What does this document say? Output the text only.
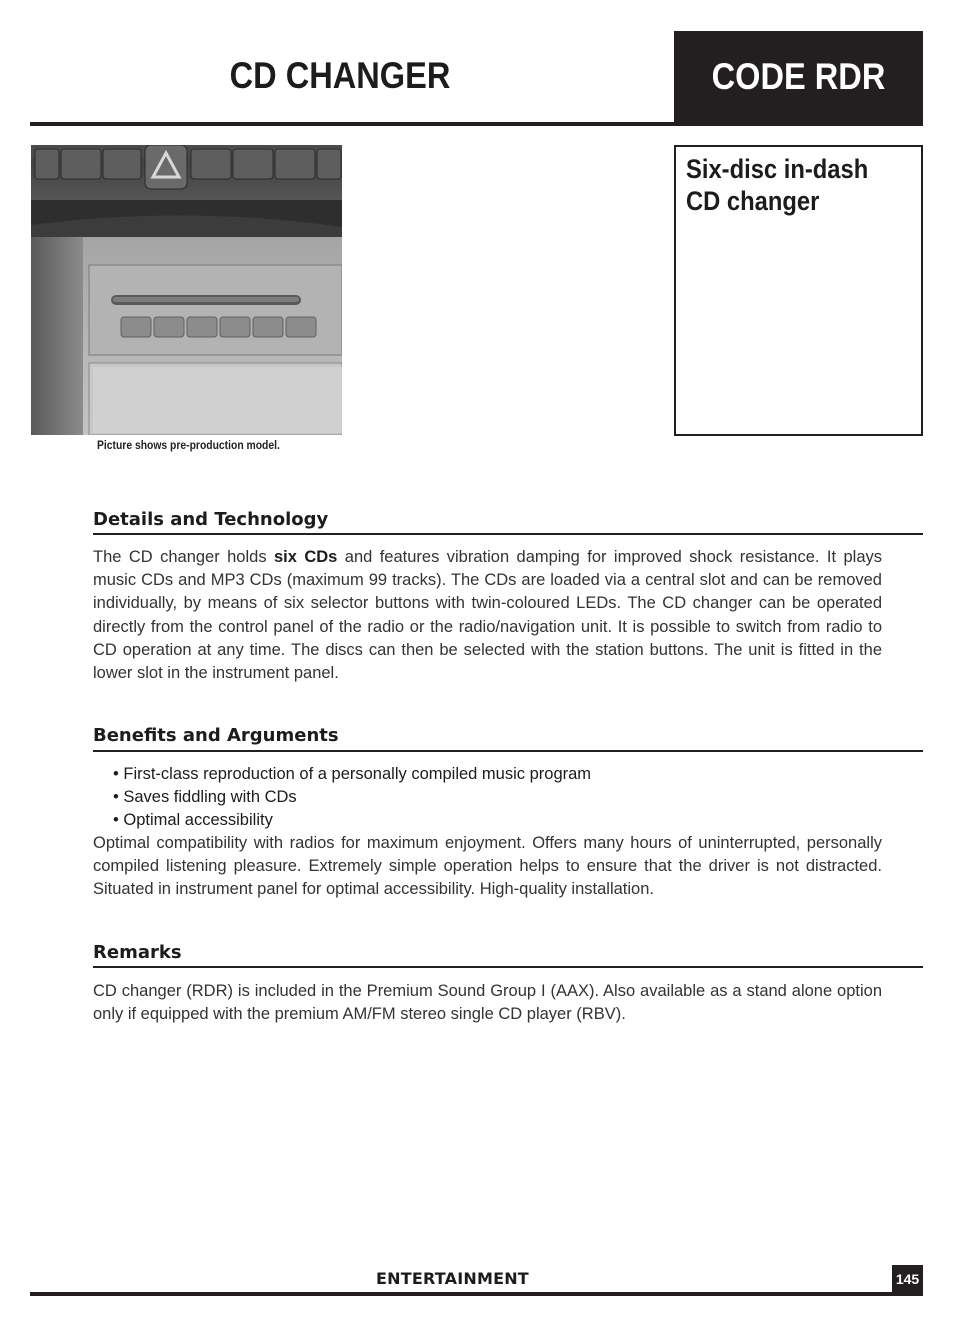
CD CHANGER	CODE RDR
Picture shows pre-production model.
Six-disc in-dash
CD changer
Details and Technology
The CD changer holds six CDs and features vibration damping for improved shock resistance. It plays music CDs and MP3 CDs (maximum 99 tracks). The CDs are loaded via a central slot and can be removed individually, by means of six selector buttons with twin-coloured LEDs. The CD changer can be operated directly from the control panel of the radio or the radio/navigation unit. It is possible to switch from radio to CD operation at any time. The discs can then be selected with the station buttons. The unit is fitted in the lower slot in the instrument panel.
Benefits and Arguments
• First-class reproduction of a personally compiled music program
• Saves fiddling with CDs
• Optimal accessibility
Optimal compatibility with radios for maximum enjoyment. Offers many hours of uninterrupted, personally compiled listening pleasure. Extremely simple operation helps to ensure that the driver is not distracted. Situated in instrument panel for optimal accessibility. High-quality installation.
Remarks
CD changer (RDR) is included in the Premium Sound Group I (AAX). Also available as a stand alone option only if equipped with the premium AM/FM stereo single CD player (RBV).
ENTERTAINMENT	145
